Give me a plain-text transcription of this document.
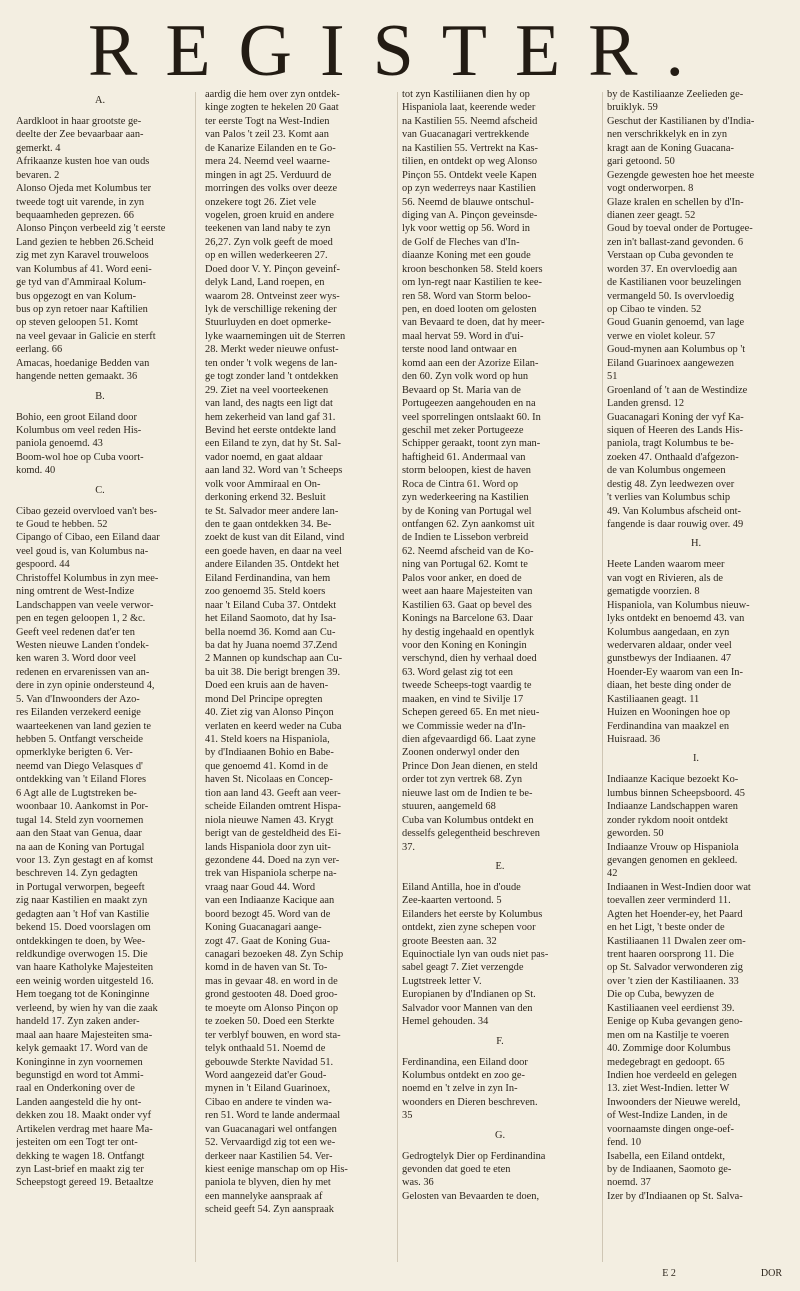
REGISTER.
A.
Aardkloot in haar grootste ge-
deelte der Zee bevaarbaar aan-
gemerkt. 4
Afrikaanze kusten hoe van ouds
bevaren. 2
Alonso Ojeda met Kolumbus ter
tweede togt uit varende, in zyn
bequaamheden geprezen. 66
Alonso Pinçon verbeeld zig 't eerste
Land gezien te hebben 26.Scheid
zig met zyn Karavel trouweloos
van Kolumbus af 41. Word eeni-
ge tyd van d'Ammiraal Kolum-
bus opgezogt en van Kolum-
bus op zyn retoer naar Kaftilien
op steven geloopen 51. Komt
na veel gevaar in Galicie en sterft
eerlang. 66
Amacas, hoedanige Bedden van
hangende netten gemaakt. 36
B.
Bohio, een groot Eiland door
Kolumbus om veel reden His-
paniola genoemd. 43
Boom-wol hoe op Cuba voort-
komd. 40
C.
Cibao gezeid overvloed van't bes-
te Goud te hebben. 52
Cipango of Cibao, een Eiland daar
veel goud is, van Kolumbus na-
gespoord. 44
Christoffel Kolumbus in zyn mee-
ning omtrent de West-Indize
Landschappen van veele verwor-
pen en tegen geloopen 1, 2 &c.
Geeft veel redenen dat'er ten
Westen nieuwe Landen t'ondek-
ken waren 3. Word door veel
redenen en ervarenissen van an-
dere in zyn opinie ondersteund 4,
5. Van d'Inwoonders der Azo-
res Eilanden verzekerd eenige
waarteekenen van land gezien te
hebben 5. Ontfangt verscheide
opmerklyke berigten 6. Ver-
neemd van Diego Velasques d'
ontdekking van 't Eiland Flores
6 Agt alle de Lugtstreken be-
woonbaar 10. Aankomst in Por-
tugal 14. Steld zyn voornemen
aan den Staat van Genua, daar
na aan de Koning van Portugal
voor 13. Zyn gestagt en af komst
beschreven 14. Zyn gedagten
in Portugal verworpen, begeeft
zig naar Kastilien en maakt zyn
gedagten aan 't Hof van Kastilie
bekend 15. Doed voorslagen om
ontdekkingen te doen, by Wee-
reldkundige overwogen 15. Die
van haare Katholyke Majesteiten
een weinig worden uitgesteld 16.
Hem toegang tot de Koninginne
verleend, by wien hy van die zaak
handeld 17. Zyn zaken ander-
maal aan haare Majesteiten sma-
kelyk gemaakt 17. Word van de
Koninginne in zyn voornemen
begunstigd en word tot Ammi-
raal en Onderkoning over de
Landen aangesteld die hy ont-
dekken zou 18. Maakt onder vyf
Artikelen verdrag met haare Ma-
jesteiten om een Togt ter ont-
dekking te wagen 18. Ontfangt
zyn Last-brief en maakt zig ter
Scheepstogt gereed 19. Betaaltze
aardig die hem over zyn ontdek-
kinge zogten te hekelen 20 Gaat
ter eerste Togt na West-Indien
van Palos 't zeil 23. Komt aan
de Kanarize Eilanden en te Go-
mera 24. Neemd veel waarne-
mingen in agt 25. Verduurd de
morringen des volks over deeze
onzekere togt 26. Ziet vele
vogelen, groen kruid en andere
teekenen van land naby te zyn
26,27. Zyn volk geeft de moed
op en willen wederkeeren 27.
Doed door V. Y. Pinçon geveinf-
delyk Land, Land roepen, en
waarom 28. Ontveinst zeer wys-
lyk de verschillige rekening der
Stuurluyden en doet opmerke-
lyke waarnemingen uit de Sterren
28. Merkt weder nieuwe onfust-
ten onder 't volk wegens de lan-
ge togt zonder land 't ontdekken
29. Ziet na veel voorteekenen
van land, des nagts een ligt dat
hem zekerheid van land gaf 31.
Bevind het eerste ontdekte land
een Eiland te zyn, dat hy St. Sal-
vador noemd, en gaat aldaar
aan land 32. Word van 't Scheeps
volk voor Ammiraal en On-
derkoning erkend 32. Besluit
te St. Salvador meer andere lan-
den te gaan ontdekken 34. Be-
zoekt de kust van dit Eiland, vind
een goede haven, en daar na veel
andere Eilanden 35. Ontdekt het
Eiland Ferdinandina, van hem
zoo genoemd 35. Steld koers
naar 't Eiland Cuba 37. Ontdekt
het Eiland Saomoto, dat hy Isa-
bella noemd 36. Komd aan Cu-
ba dat hy Juana noemd 37.Zend
2 Mannen op kundschap aan Cu-
ba uit 38. Die berigt brengen 39.
Doed een kruis aan de haven-
mond Del Principe opregten
40. Ziet zig van Alonso Pinçon
verlaten en keerd weder na Cuba
41. Steld koers na Hispaniola,
by d'Indiaanen Bohio en Babe-
que genoemd 41. Komd in de
haven St. Nicolaas en Concep-
tion aan land 43. Geeft aan veer-
scheide Eilanden omtrent Hispa-
niola nieuwe Namen 43. Krygt
berigt van de gesteldheid des Ei-
lands Hispaniola door zyn uit-
gezondene 44. Doed na zyn ver-
trek van Hispaniola scherpe na-
vraag naar Goud 44. Word
van een Indiaanze Kacique aan
boord bezogt 45. Word van de
Koning Guacanagari aange-
zogt 47. Gaat de Koning Gua-
canagari bezoeken 48. Zyn Schip
komd in de haven van St. To-
mas in gevaar 48. en word in de
grond gestooten 48. Doed groo-
te moeyte om Alonso Pinçon op
te zoeken 50. Doed een Sterkte
ter verblyf bouwen, en word sta-
telyk onthaald 51. Noemd de
gebouwde Sterkte Navidad 51.
Word aangezeid dat'er Goud-
mynen in 't Eiland Guarinoex,
Cibao en andere te vinden wa-
ren 51. Word te lande andermaal
van Guacanagari wel ontfangen
52. Vervaardigd zig tot een we-
derkeer naar Kastilien 54. Ver-
kiest eenige manschap om op His-
paniola te blyven, dien hy met
een mannelyke aanspraak af
scheid geeft 54. Zyn aanspraak
tot zyn Kastiliianen dien hy op
Hispaniola laat, keerende weder
na Kastilien 55. Neemd afscheid
van Guacanagari vertrekkende
na Kastilien 55. Vertrekt na Kas-
tilien, en ontdekt op weg Alonso
Pinçon 55. Ontdekt veele Kapen
op zyn wederreys naar Kastilien
56. Neemd de blauwe ontschul-
diging van A. Pinçon geveinsde-
lyk voor wettig op 56. Word in
de Golf de Fleches van d'In-
diaanze Koning met een goude
kroon beschonken 58. Steld koers
om lyn-regt naar Kastilien te kee-
ren 58. Word van Storm beloo-
pen, en doed looten om gelosten
van Bevaard te doen, dat hy meer-
maal hervat 59. Word in d'ui-
terste nood land ontwaar en
komd aan een der Azorize Eilan-
den 60. Zyn volk word op hun
Bevaard op St. Maria van de
Portugeezen aangehouden en na
veel sporrelingen ontslaakt 60. In
geschil met zeker Portugeeze
Schipper geraakt, toont zyn man-
haftigheid 61. Andermaal van
storm beloopen, kiest de haven
Roca de Cintra 61. Word op
zyn wederkeering na Kastilien
by de Koning van Portugal wel
ontfangen 62. Zyn aankomst uit
de Indien te Lissebon verbreid
62. Neemd afscheid van de Ko-
ning van Portugal 62. Komt te
Palos voor anker, en doed de
weet aan haare Majesteiten van
Kastilien 63. Gaat op bevel des
Konings na Barcelone 63. Daar
hy destig ingehaald en opentlyk
voor den Koning en Koningin
verschynd, dien hy verhaal doed
63. Word gelast zig tot een
tweede Scheeps-togt vaardig te
maaken, en vind te Sivilje 17
Schepen gereed 65. En met nieu-
we Commissie weder na d'In-
dien afgevaardigd 66. Laat zyne
Zoonen onderwyl onder den
Prince Don Jean dienen, en steld
order tot zyn vertrek 68. Zyn
nieuwe last om de Indien te be-
stuuren, aangemeld 68
Cuba van Kolumbus ontdekt en
desselfs gelegentheid beschreven
37.
E.
Eiland Antilla, hoe in d'oude
Zee-kaarten vertoond. 5
Eilanders het eerste by Kolumbus
ontdekt, zien zyne schepen voor
groote Beesten aan. 32
Equinoctiale lyn van ouds niet pas-
sabel geagt 7. Ziet verzengde
Lugtstreek letter V.
Europianen by d'Indianen op St.
Salvador voor Mannen van den
Hemel gehouden. 34
F.
Ferdinandina, een Eiland door
Kolumbus ontdekt en zoo ge-
noemd en 't zelve in zyn In-
woonders en Dieren beschreven.
35
G.
Gedrogtelyk Dier op Ferdinandina
gevonden dat goed te eten
was. 36
Gelosten van Bevaarden te doen,
by de Kastiliaanze Zeelieden ge-
bruiklyk. 59
Geschut der Kastilianen by d'India-
nen verschrikkelyk en in zyn
kragt aan de Koning Guacana-
gari getoond. 50
Gezengde gewesten hoe het meeste
vogt onderworpen. 8
Glaze kralen en schellen by d'In-
dianen zeer geagt. 52
Goud by toeval onder de Portugee-
zen in't ballast-zand gevonden. 6
Verstaan op Cuba gevonden te
worden 37. En overvloedig aan
de Kastilianen voor beuzelingen
vermangeld 50. Is overvloedig
op Cibao te vinden. 52
Goud Guanin genoemd, van lage
verwe en violet koleur. 57
Goud-mynen aan Kolumbus op 't
Eiland Guarinoex aangewezen
51
Groenland of 't aan de Westindize
Landen grensd. 12
Guacanagari Koning der vyf Ka-
siquen of Heeren des Lands His-
paniola, tragt Kolumbus te be-
zoeken 47. Onthaald d'afgezon-
de van Kolumbus ongemeen
destig 48. Zyn leedwezen over
't verlies van Kolumbus schip
49. Van Kolumbus afscheid ont-
fangende is daar rouwig over. 49
H.
Heete Landen waarom meer
van vogt en Rivieren, als de
gematigde voorzien. 8
Hispaniola, van Kolumbus nieuw-
lyks ontdekt en benoemd 43. van
Kolumbus aangedaan, en zyn
wedervaren aldaar, onder veel
gunstbewys der Indiaanen. 47
Hoender-Ey waarom van een In-
diaan, het beste ding onder de
Kastiliaanen geagt. 11
Huizen en Wooningen hoe op
Ferdinandina van maakzel en
Huisraad. 36
I.
Indiaanze Kacique bezoekt Ko-
lumbus binnen Scheepsboord. 45
Indiaanze Landschappen waren
zonder rykdom nooit ontdekt
geworden. 50
Indiaanze Vrouw op Hispaniola
gevangen genomen en gekleed.
42
Indiaanen in West-Indien door wat
toevallen zeer verminderd 11.
Agten het Hoender-ey, het Paard
en het Ligt, 't beste onder de
Kastiliaanen 11 Dwalen zeer om-
trent haaren oorsprong 11. Die
op St. Salvador verwonderen zig
over 't zien der Kastiliaanen. 33
Die op Cuba, bewyzen de
Kastiliaanen veel eerdienst 39.
Eenige op Kuba gevangen geno-
men om na Kastilje te voeren
40. Zommige door Kolumbus
medegebragt en gedoopt. 65
Indien hoe verdeeld en gelegen
13. ziet West-Indien. letter W
Inwoonders der Nieuwe wereld,
of West-Indize Landen, in de
voornaamste dingen onge-oef-
fend. 10
Isabella, een Eiland ontdekt,
by de Indiaanen, Saomoto ge-
noemd. 37
Izer by d'Indiaanen op St. Salva-
E 2	DOR
